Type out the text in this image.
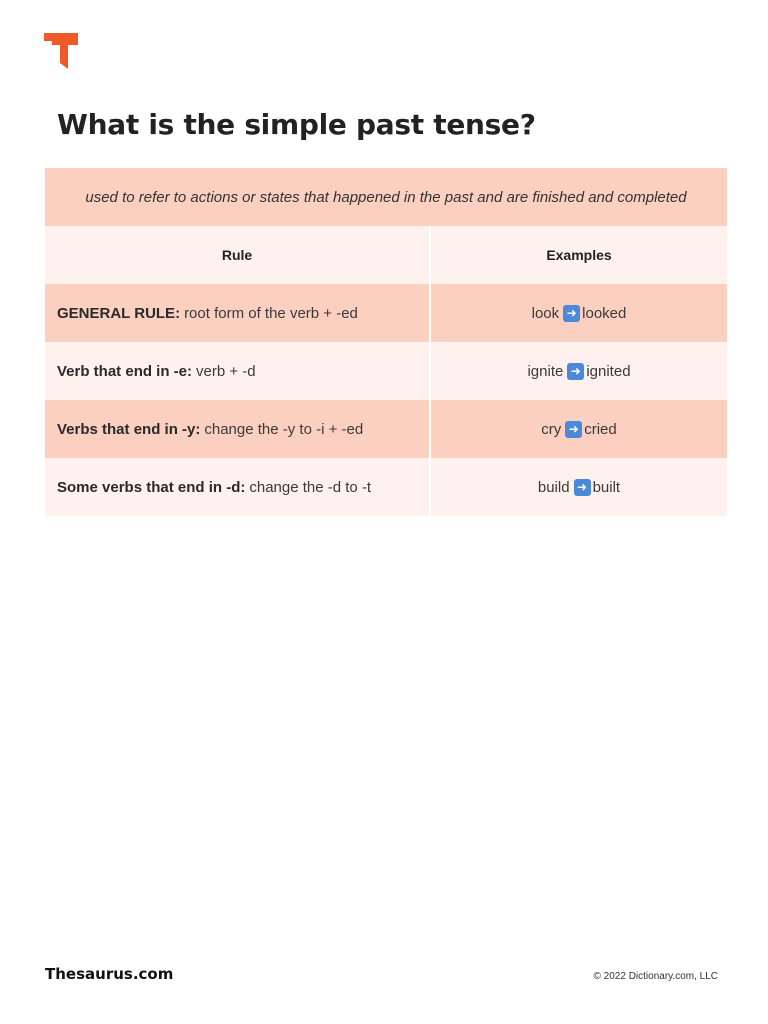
What is the simple past tense?
used to refer to actions or states that happened in the past and are finished and completed
Rule	Examples
GENERAL RULE: root form of the verb + -ed	look ➜ looked
Verb that end in -e: verb + -d	ignite ➜ ignited
Verbs that end in -y: change the -y to -i + -ed	cry ➜ cried
Some verbs that end in -d: change the -d to -t	build ➜ built
Thesaurus.com	© 2022 Dictionary.com, LLC
